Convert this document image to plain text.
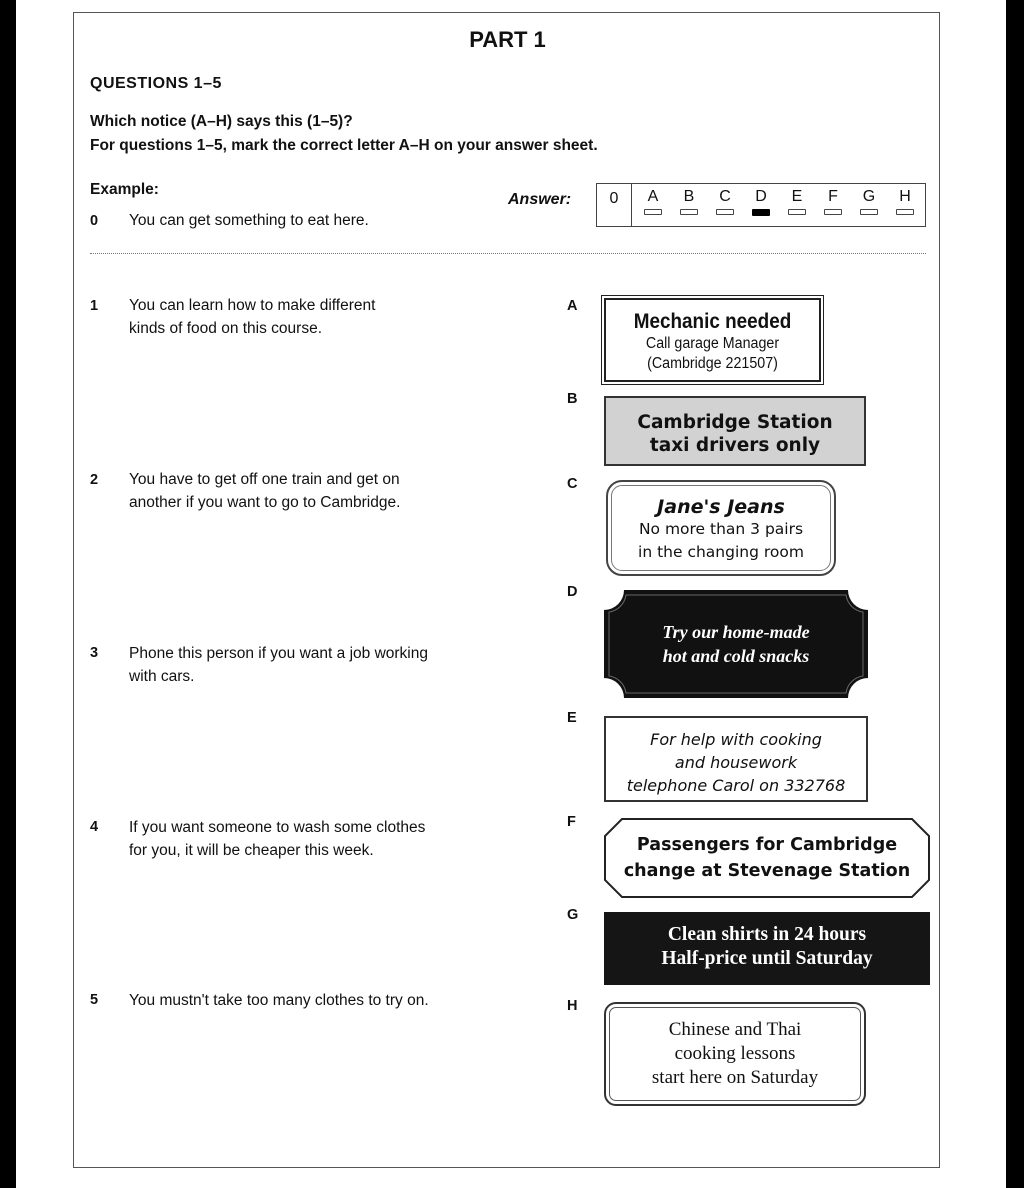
PART 1
QUESTIONS 1–5
Which notice (A–H) says this (1–5)?
For questions 1–5, mark the correct letter A–H on your answer sheet.
Example:
0 You can get something to eat here.
Answer:	0	A	B	C	D	E	F	G	H
1 You can learn how to make different
kinds of food on this course.
2 You have to get off one train and get on
another if you want to go to Cambridge.
3 Phone this person if you want a job working
with cars.
4 If you want someone to wash some clothes
for you, it will be cheaper this week.
5 You mustn't take too many clothes to try on.
A
B
C
D
E
F
G
H
Mechanic needed
Call garage Manager
(Cambridge 221507)
Cambridge Station
taxi drivers only
Jane's Jeans
No more than 3 pairs
in the changing room
Try our home-made
hot and cold snacks
For help with cooking
and housework
telephone Carol on 332768
Passengers for Cambridge
change at Stevenage Station
Clean shirts in 24 hours
Half-price until Saturday
Chinese and Thai
cooking lessons
start here on Saturday
